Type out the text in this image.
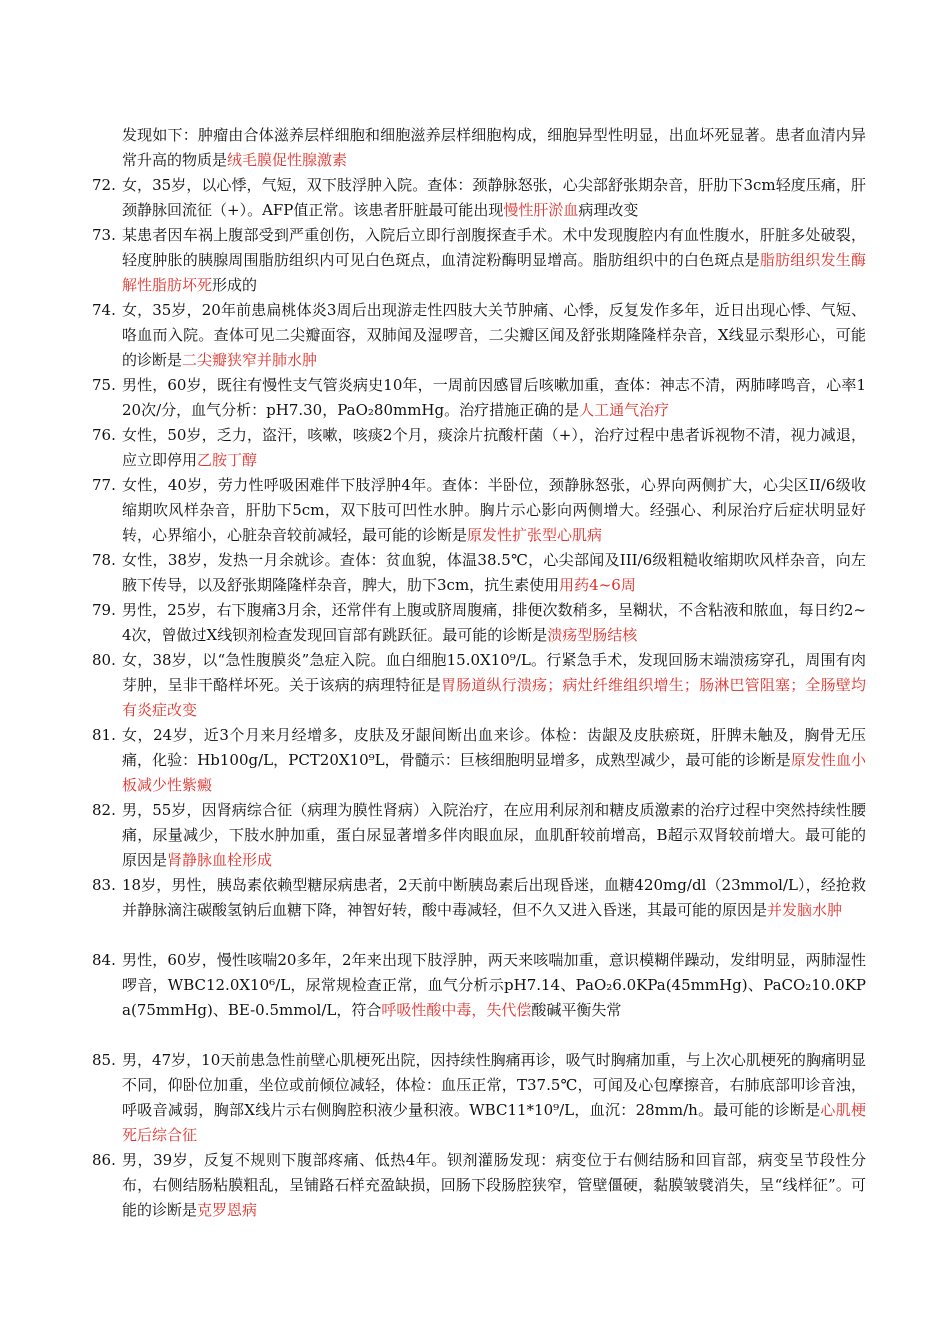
发现如下：肿瘤由合体滋养层样细胞和细胞滋养层样细胞构成，细胞异型性明显，出血坏死显著。患者血清内异常升高的物质是绒毛膜促性腺激素
72. 女，35岁，以心悸，气短，双下肢浮肿入院。查体：颈静脉怒张，心尖部舒张期杂音，肝肋下3cm轻度压痛，肝颈静脉回流征（+）。AFP值正常。该患者肝脏最可能出现慢性肝淤血病理改变
73. 某患者因车祸上腹部受到严重创伤，入院后立即行剖腹探查手术。术中发现腹腔内有血性腹水，肝脏多处破裂，轻度肿胀的胰腺周围脂肪组织内可见白色斑点，血清淀粉酶明显增高。脂肪组织中的白色斑点是脂肪组织发生酶解性脂肪坏死形成的
74. 女，35岁，20年前患扁桃体炎3周后出现游走性四肢大关节肿痛、心悸，反复发作多年，近日出现心悸、气短、咯血而入院。查体可见二尖瓣面容，双肺闻及湿啰音，二尖瓣区闻及舒张期隆隆样杂音，X线显示梨形心，可能的诊断是二尖瓣狭窄并肺水肿
75. 男性，60岁，既往有慢性支气管炎病史10年，一周前因感冒后咳嗽加重，查体：神志不清，两肺哮鸣音，心率120次/分，血气分析：pH7.30，PaO₂80mmHg。治疗措施正确的是人工通气治疗
76. 女性，50岁，乏力，盗汗，咳嗽，咳痰2个月，痰涂片抗酸杆菌（+），治疗过程中患者诉视物不清，视力减退，应立即停用乙胺丁醇
77. 女性，40岁，劳力性呼吸困难伴下肢浮肿4年。查体：半卧位，颈静脉怒张，心界向两侧扩大，心尖区II/6级收缩期吹风样杂音，肝肋下5cm，双下肢可凹性水肿。胸片示心影向两侧增大。经强心、利尿治疗后症状明显好转，心界缩小，心脏杂音较前减轻，最可能的诊断是原发性扩张型心肌病
78. 女性，38岁，发热一月余就诊。查体：贫血貌，体温38.5℃，心尖部闻及III/6级粗糙收缩期吹风样杂音，向左腋下传导，以及舒张期隆隆样杂音，脾大，肋下3cm，抗生素使用用药4~6周
79. 男性，25岁，右下腹痛3月余，还常伴有上腹或脐周腹痛，排便次数稍多，呈糊状，不含粘液和脓血，每日约2~4次，曾做过X线钡剂检查发现回盲部有跳跃征。最可能的诊断是溃疡型肠结核
80. 女，38岁，以“急性腹膜炎”急症入院。血白细胞15.0X10⁹/L。行紧急手术，发现回肠末端溃疡穿孔，周围有肉芽肿，呈非干酪样坏死。关于该病的病理特征是胃肠道纵行溃疡；病灶纤维组织增生；肠淋巴管阻塞；全肠壁均有炎症改变
81. 女，24岁，近3个月来月经增多，皮肤及牙龈间断出血来诊。体检：齿龈及皮肤瘀斑，肝脾未触及，胸骨无压痛，化验：Hb100g/L，PCT20X10⁹L，骨髓示：巨核细胞明显增多，成熟型减少，最可能的诊断是原发性血小板减少性紫癜
82. 男，55岁，因肾病综合征（病理为膜性肾病）入院治疗，在应用利尿剂和糖皮质激素的治疗过程中突然持续性腰痛，尿量减少，下肢水肿加重，蛋白尿显著增多伴肉眼血尿，血肌酐较前增高，B超示双肾较前增大。最可能的原因是肾静脉血栓形成
83. 18岁，男性，胰岛素依赖型糖尿病患者，2天前中断胰岛素后出现昏迷，血糖420mg/dl（23mmol/L），经抢救并静脉滴注碳酸氢钠后血糖下降，神智好转，酸中毒减轻，但不久又进入昏迷，其最可能的原因是并发脑水肿
84. 男性，60岁，慢性咳喘20多年，2年来出现下肢浮肿，两天来咳喘加重，意识模糊伴躁动，发绀明显，两肺湿性啰音，WBC12.0X10⁶/L，尿常规检查正常，血气分析示pH7.14、PaO₂6.0KPa(45mmHg)、PaCO₂10.0KPa(75mmHg)、BE-0.5mmol/L，符合呼吸性酸中毒，失代偿酸碱平衡失常
85. 男，47岁，10天前患急性前壁心肌梗死出院，因持续性胸痛再诊，吸气时胸痛加重，与上次心肌梗死的胸痛明显不同，仰卧位加重，坐位或前倾位减轻，体检：血压正常，T37.5℃，可闻及心包摩擦音，右肺底部叩诊音浊，呼吸音减弱，胸部X线片示右侧胸腔积液少量积液。WBC11*10⁹/L，血沉：28mm/h。最可能的诊断是心肌梗死后综合征
86. 男，39岁，反复不规则下腹部疼痛、低热4年。钡剂灌肠发现：病变位于右侧结肠和回盲部，病变呈节段性分布，右侧结肠粘膜粗乱，呈铺路石样充盈缺损，回肠下段肠腔狭窄，管壁僵硬，黏膜皱襞消失，呈“线样征”。可能的诊断是克罗恩病
